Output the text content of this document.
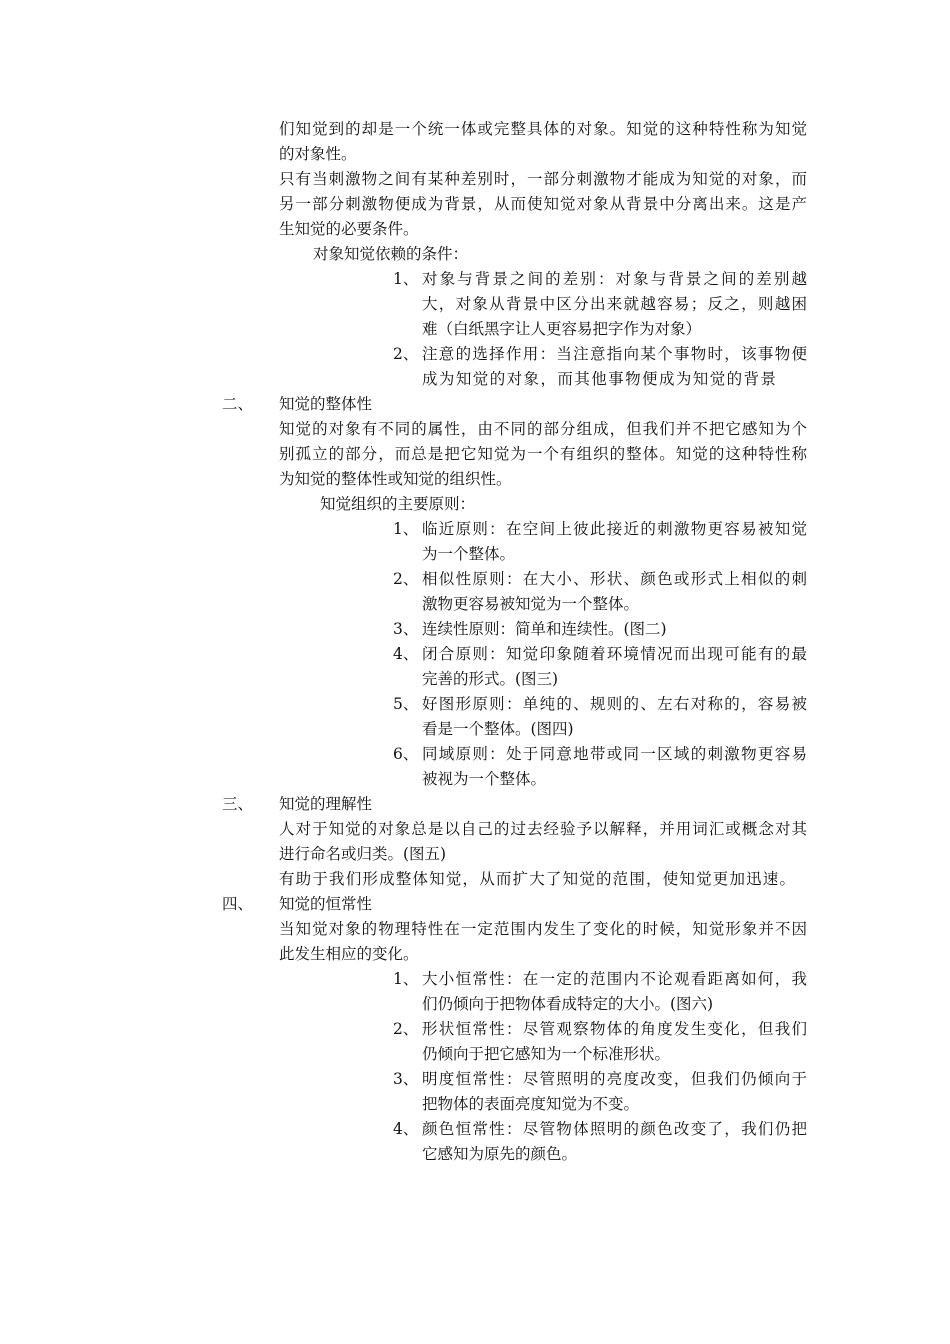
们知觉到的却是一个统一体或完整具体的对象。知觉的这种特性称为知觉
的对象性。
只有当刺激物之间有某种差别时，一部分刺激物才能成为知觉的对象，而
另一部分刺激物便成为背景，从而使知觉对象从背景中分离出来。这是产
生知觉的必要条件。
对象知觉依赖的条件：
1、 对象与背景之间的差别：对象与背景之间的差别越
大，对象从背景中区分出来就越容易；反之，则越困
难（白纸黑字让人更容易把字作为对象）
2、 注意的选择作用：当注意指向某个事物时，该事物便
成为知觉的对象，而其他事物便成为知觉的背景
二、 知觉的整体性
知觉的对象有不同的属性，由不同的部分组成，但我们并不把它感知为个
别孤立的部分，而总是把它知觉为一个有组织的整体。知觉的这种特性称
为知觉的整体性或知觉的组织性。
知觉组织的主要原则：
1、 临近原则：在空间上彼此接近的刺激物更容易被知觉
为一个整体。
2、 相似性原则：在大小、形状、颜色或形式上相似的刺
激物更容易被知觉为一个整体。
3、 连续性原则：简单和连续性。(图二)
4、 闭合原则：知觉印象随着环境情况而出现可能有的最
完善的形式。(图三)
5、 好图形原则：单纯的、规则的、左右对称的，容易被
看是一个整体。(图四)
6、 同域原则：处于同意地带或同一区域的刺激物更容易
被视为一个整体。
三、 知觉的理解性
人对于知觉的对象总是以自己的过去经验予以解释，并用词汇或概念对其
进行命名或归类。(图五)
有助于我们形成整体知觉，从而扩大了知觉的范围，使知觉更加迅速。
四、 知觉的恒常性
当知觉对象的物理特性在一定范围内发生了变化的时候，知觉形象并不因
此发生相应的变化。
1、 大小恒常性：在一定的范围内不论观看距离如何，我
们仍倾向于把物体看成特定的大小。(图六)
2、 形状恒常性：尽管观察物体的角度发生变化，但我们
仍倾向于把它感知为一个标准形状。
3、 明度恒常性：尽管照明的亮度改变，但我们仍倾向于
把物体的表面亮度知觉为不变。
4、 颜色恒常性：尽管物体照明的颜色改变了，我们仍把
它感知为原先的颜色。
